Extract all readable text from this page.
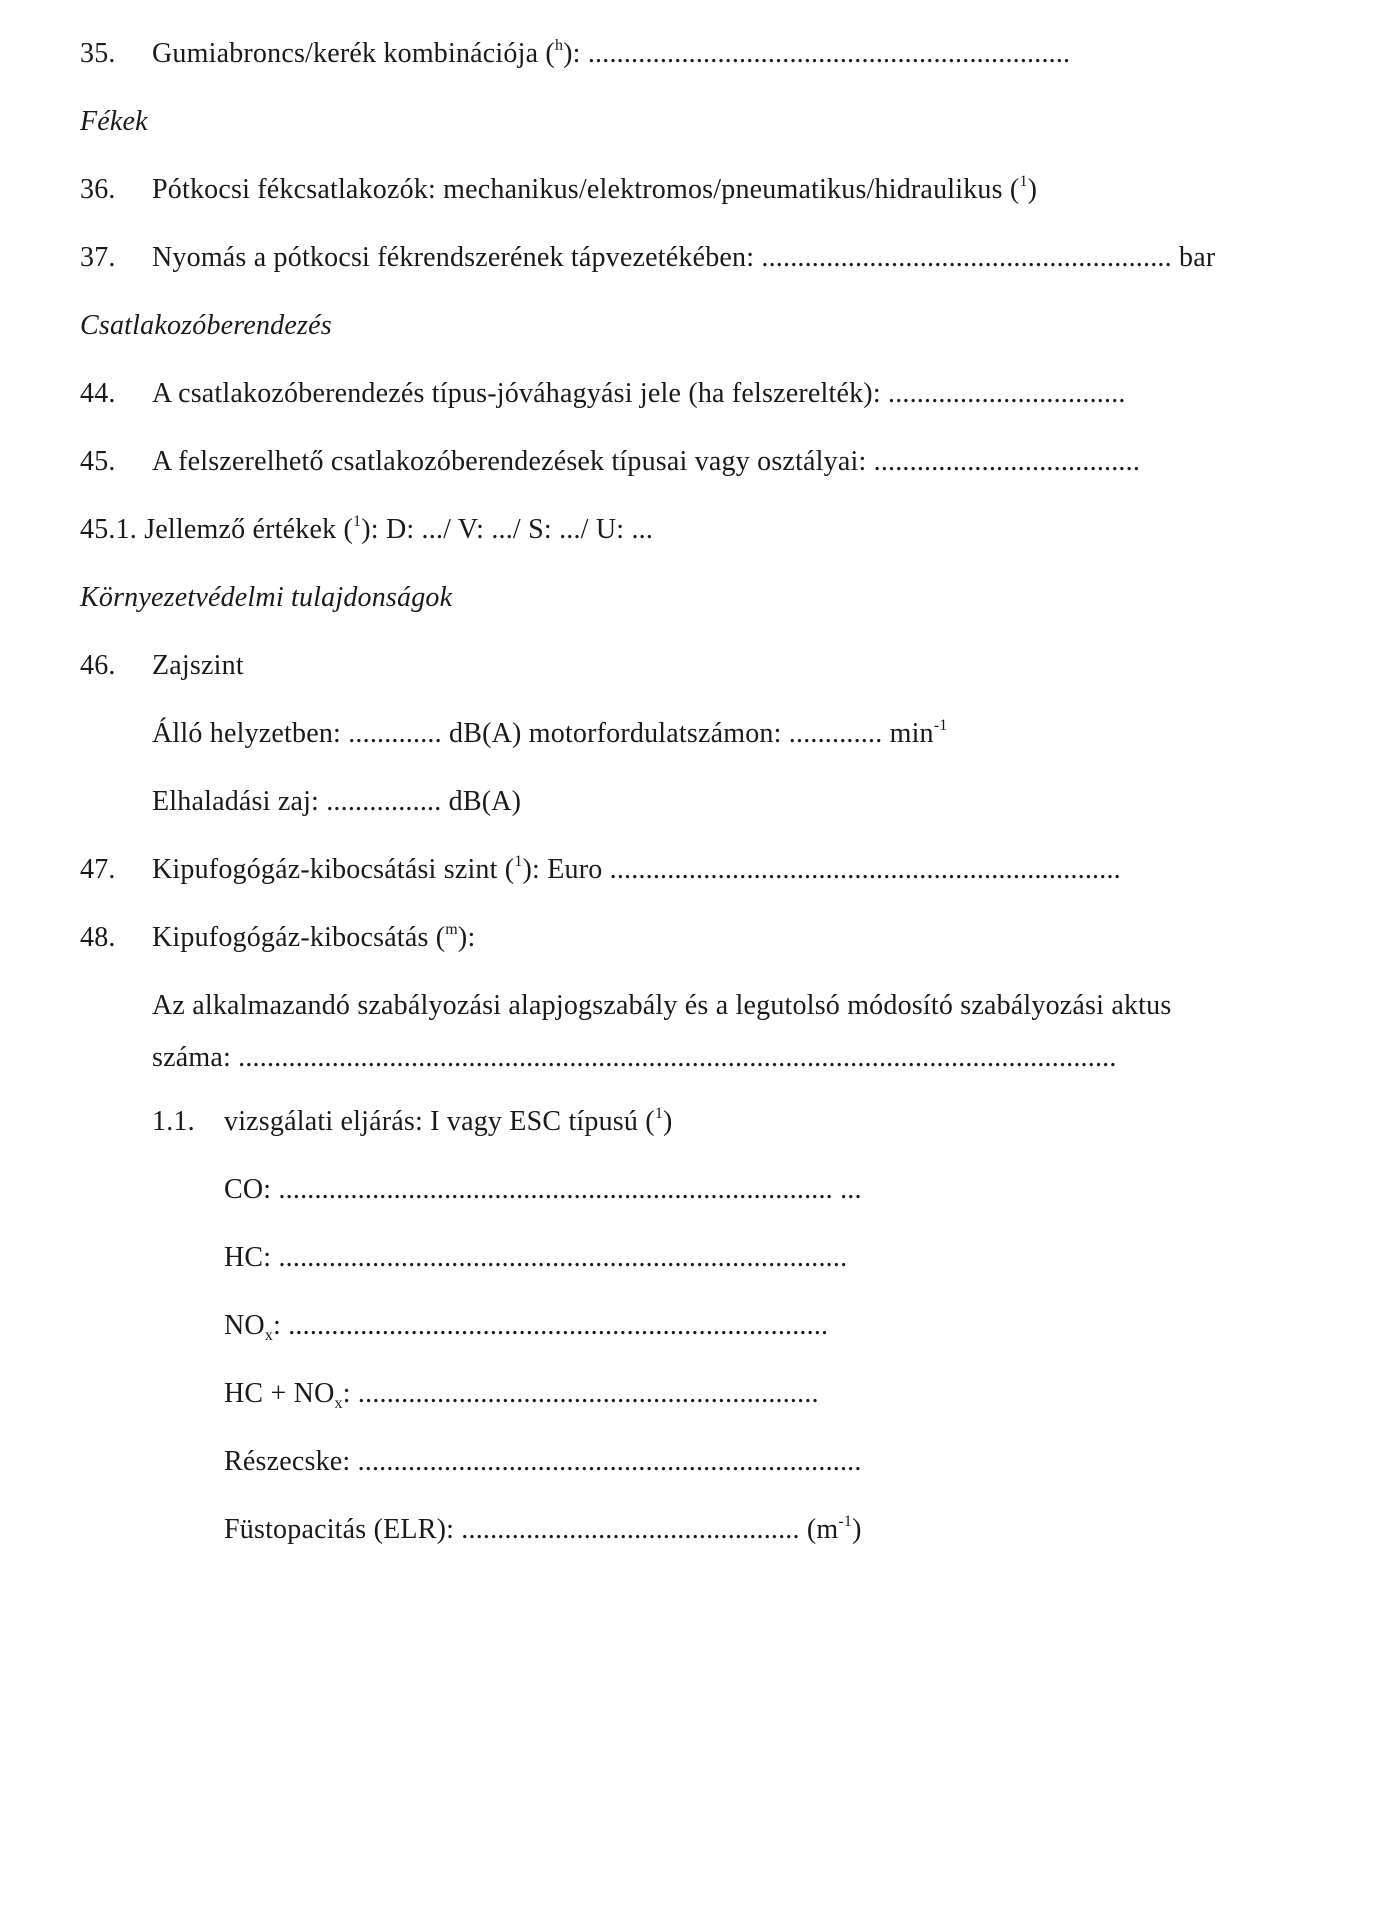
35. Gumiabroncs/kerék kombinációja ($^h$): ...................................................................
Fékek
36. Pótkocsi fékcsatlakozók: mechanikus/elektromos/pneumatikus/hidraulikus ($^1$)
37. Nyomás a pótkocsi fékrendszerének tápvezetékében: ......................................................... bar
Csatlakozóberendezés
44. A csatlakozóberendezés típus-jóváhagyási jele (ha felszerelték): .................................
45. A felszerelhető csatlakozóberendezések típusai vagy osztályai: .....................................
45.1. Jellemző értékek ($^1$): D: .../ V: .../ S: .../ U: ...
Környezetvédelmi tulajdonságok
46. Zajszint
Álló helyzetben: ............. dB(A) motorfordulatszámon: ............. $\min^{-1}$
Elhaladási zaj: ................ dB(A)
47. Kipufogógáz-kibocsátási szint ($^1$): Euro .......................................................................
48. Kipufogógáz-kibocsátás ($^m$):
Az alkalmazandó szabályozási alapjogszabály és a legutolsó módosító szabályozási aktus
száma: ..........................................................................................................................
1.1. vizsgálati eljárás: I vagy ESC típusú ($^1$)
CO: ............................................................................. ...
HC: ...............................................................................
$NO_x$: ...........................................................................
HC + $NO_x$: ................................................................
Részecske: ......................................................................
Füstopacitás (ELR): ............................................... $(m^{-1})$
